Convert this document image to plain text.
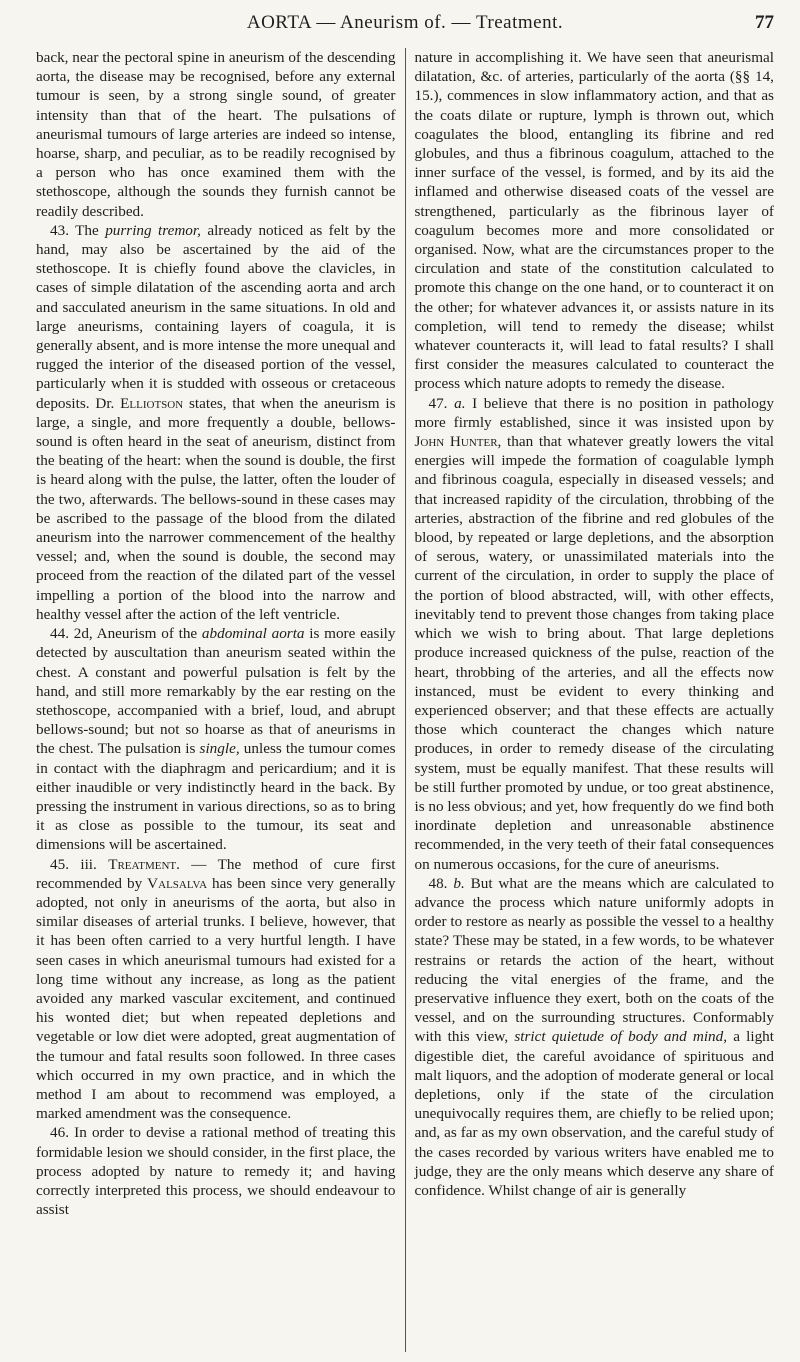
AORTA — Aneurism of. — Treatment.	77

back, near the pectoral spine in aneurism of the descending aorta, the disease may be recognised, before any external tumour is seen, by a strong single sound, of greater intensity than that of the heart. The pulsations of aneurismal tumours of large arteries are indeed so intense, hoarse, sharp, and peculiar, as to be readily recognised by a person who has once examined them with the stethoscope, although the sounds they furnish cannot be readily described.

43. The purring tremor, already noticed as felt by the hand, may also be ascertained by the aid of the stethoscope. It is chiefly found above the clavicles, in cases of simple dilatation of the ascending aorta and arch and sacculated aneurism in the same situations. In old and large aneurisms, containing layers of coagula, it is generally absent, and is more intense the more unequal and rugged the interior of the diseased portion of the vessel, particularly when it is studded with osseous or cretaceous deposits. Dr. Elliotson states, that when the aneurism is large, a single, and more frequently a double, bellows-sound is often heard in the seat of aneurism, distinct from the beating of the heart: when the sound is double, the first is heard along with the pulse, the latter, often the louder of the two, afterwards. The bellows-sound in these cases may be ascribed to the passage of the blood from the dilated aneurism into the narrower commencement of the healthy vessel; and, when the sound is double, the second may proceed from the reaction of the dilated part of the vessel impelling a portion of the blood into the narrow and healthy vessel after the action of the left ventricle.

44. 2d, Aneurism of the abdominal aorta is more easily detected by auscultation than aneurism seated within the chest. A constant and powerful pulsation is felt by the hand, and still more remarkably by the ear resting on the stethoscope, accompanied with a brief, loud, and abrupt bellows-sound; but not so hoarse as that of aneurisms in the chest. The pulsation is single, unless the tumour comes in contact with the diaphragm and pericardium; and it is either inaudible or very indistinctly heard in the back. By pressing the instrument in various directions, so as to bring it as close as possible to the tumour, its seat and dimensions will be ascertained.

45. iii. Treatment. — The method of cure first recommended by Valsalva has been since very generally adopted, not only in aneurisms of the aorta, but also in similar diseases of arterial trunks. I believe, however, that it has been often carried to a very hurtful length. I have seen cases in which aneurismal tumours had existed for a long time without any increase, as long as the patient avoided any marked vascular excitement, and continued his wonted diet; but when repeated depletions and vegetable or low diet were adopted, great augmentation of the tumour and fatal results soon followed. In three cases which occurred in my own practice, and in which the method I am about to recommend was employed, a marked amendment was the consequence.

46. In order to devise a rational method of treating this formidable lesion we should consider, in the first place, the process adopted by nature to remedy it; and having correctly interpreted this process, we should endeavour to assist

nature in accomplishing it. We have seen that aneurismal dilatation, &c. of arteries, particularly of the aorta (§§ 14, 15.), commences in slow inflammatory action, and that as the coats dilate or rupture, lymph is thrown out, which coagulates the blood, entangling its fibrine and red globules, and thus a fibrinous coagulum, attached to the inner surface of the vessel, is formed, and by its aid the inflamed and otherwise diseased coats of the vessel are strengthened, particularly as the fibrinous layer of coagulum becomes more and more consolidated or organised. Now, what are the circumstances proper to the circulation and state of the constitution calculated to promote this change on the one hand, or to counteract it on the other; for whatever advances it, or assists nature in its completion, will tend to remedy the disease; whilst whatever counteracts it, will lead to fatal results? I shall first consider the measures calculated to counteract the process which nature adopts to remedy the disease.

47. a. I believe that there is no position in pathology more firmly established, since it was insisted upon by John Hunter, than that whatever greatly lowers the vital energies will impede the formation of coagulable lymph and fibrinous coagula, especially in diseased vessels; and that increased rapidity of the circulation, throbbing of the arteries, abstraction of the fibrine and red globules of the blood, by repeated or large depletions, and the absorption of serous, watery, or unassimilated materials into the current of the circulation, in order to supply the place of the portion of blood abstracted, will, with other effects, inevitably tend to prevent those changes from taking place which we wish to bring about. That large depletions produce increased quickness of the pulse, reaction of the heart, throbbing of the arteries, and all the effects now instanced, must be evident to every thinking and experienced observer; and that these effects are actually those which counteract the changes which nature produces, in order to remedy disease of the circulating system, must be equally manifest. That these results will be still further promoted by undue, or too great abstinence, is no less obvious; and yet, how frequently do we find both inordinate depletion and unreasonable abstinence recommended, in the very teeth of their fatal consequences on numerous occasions, for the cure of aneurisms.

48. b. But what are the means which are calculated to advance the process which nature uniformly adopts in order to restore as nearly as possible the vessel to a healthy state? These may be stated, in a few words, to be whatever restrains or retards the action of the heart, without reducing the vital energies of the frame, and the preservative influence they exert, both on the coats of the vessel, and on the surrounding structures. Conformably with this view, strict quietude of body and mind, a light digestible diet, the careful avoidance of spirituous and malt liquors, and the adoption of moderate general or local depletions, only if the state of the circulation unequivocally requires them, are chiefly to be relied upon; and, as far as my own observation, and the careful study of the cases recorded by various writers have enabled me to judge, they are the only means which deserve any share of confidence. Whilst change of air is generally
